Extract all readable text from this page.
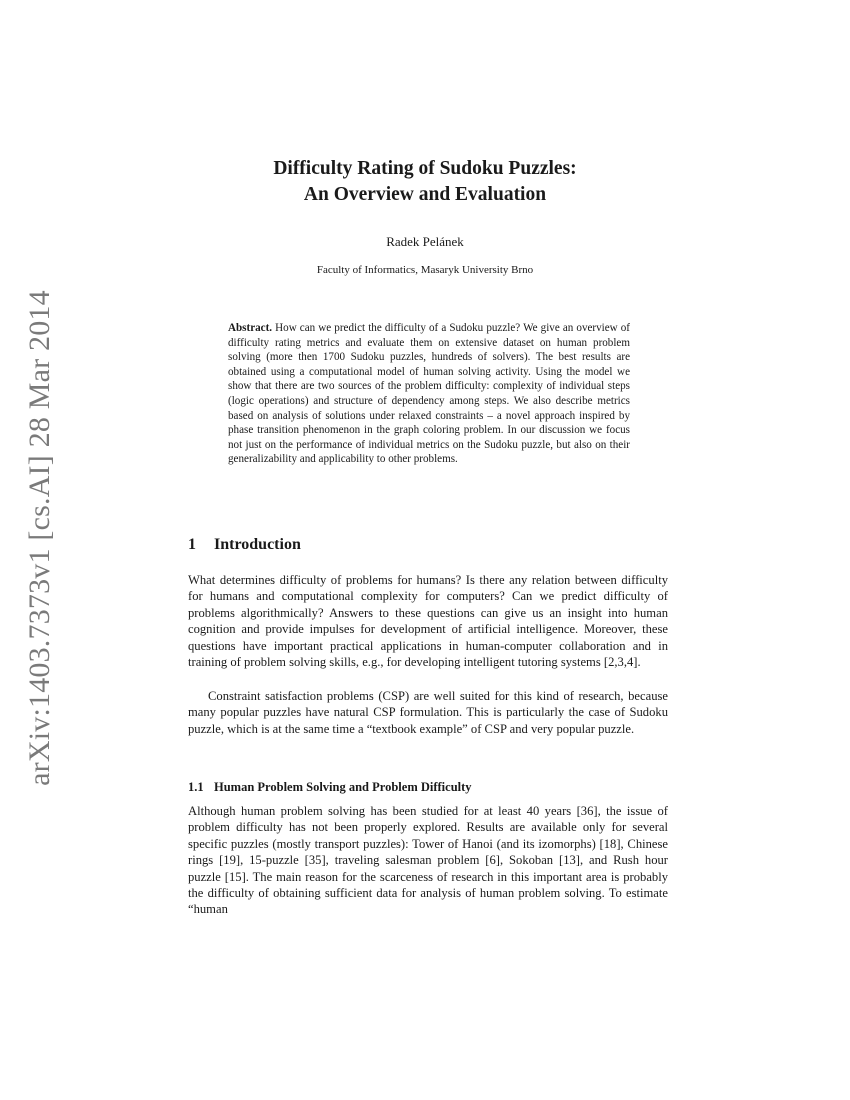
arXiv:1403.7373v1 [cs.AI] 28 Mar 2014
Difficulty Rating of Sudoku Puzzles:
An Overview and Evaluation
Radek Pelánek
Faculty of Informatics, Masaryk University Brno
Abstract. How can we predict the difficulty of a Sudoku puzzle? We give an overview of difficulty rating metrics and evaluate them on extensive dataset on human problem solving (more then 1700 Sudoku puzzles, hundreds of solvers). The best results are obtained using a computational model of human solving activity. Using the model we show that there are two sources of the problem difficulty: complexity of individual steps (logic operations) and structure of dependency among steps. We also describe metrics based on analysis of solutions under relaxed constraints – a novel approach inspired by phase transition phenomenon in the graph coloring problem. In our discussion we focus not just on the performance of individual metrics on the Sudoku puzzle, but also on their generalizability and applicability to other problems.
1 Introduction

What determines difficulty of problems for humans? Is there any relation between difficulty for humans and computational complexity for computers? Can we predict difficulty of problems algorithmically? Answers to these questions can give us an insight into human cognition and provide impulses for development of artificial intelligence. Moreover, these questions have important practical applications in human-computer collaboration and in training of problem solving skills, e.g., for developing intelligent tutoring systems [2,3,4].

Constraint satisfaction problems (CSP) are well suited for this kind of research, because many popular puzzles have natural CSP formulation. This is particularly the case of Sudoku puzzle, which is at the same time a “textbook example” of CSP and very popular puzzle.

1.1 Human Problem Solving and Problem Difficulty

Although human problem solving has been studied for at least 40 years [36], the issue of problem difficulty has not been properly explored. Results are available only for several specific puzzles (mostly transport puzzles): Tower of Hanoi (and its izomorphs) [18], Chinese rings [19], 15-puzzle [35], traveling salesman problem [6], Sokoban [13], and Rush hour puzzle [15]. The main reason for the scarceness of research in this important area is probably the difficulty of obtaining sufficient data for analysis of human problem solving. To estimate “human
